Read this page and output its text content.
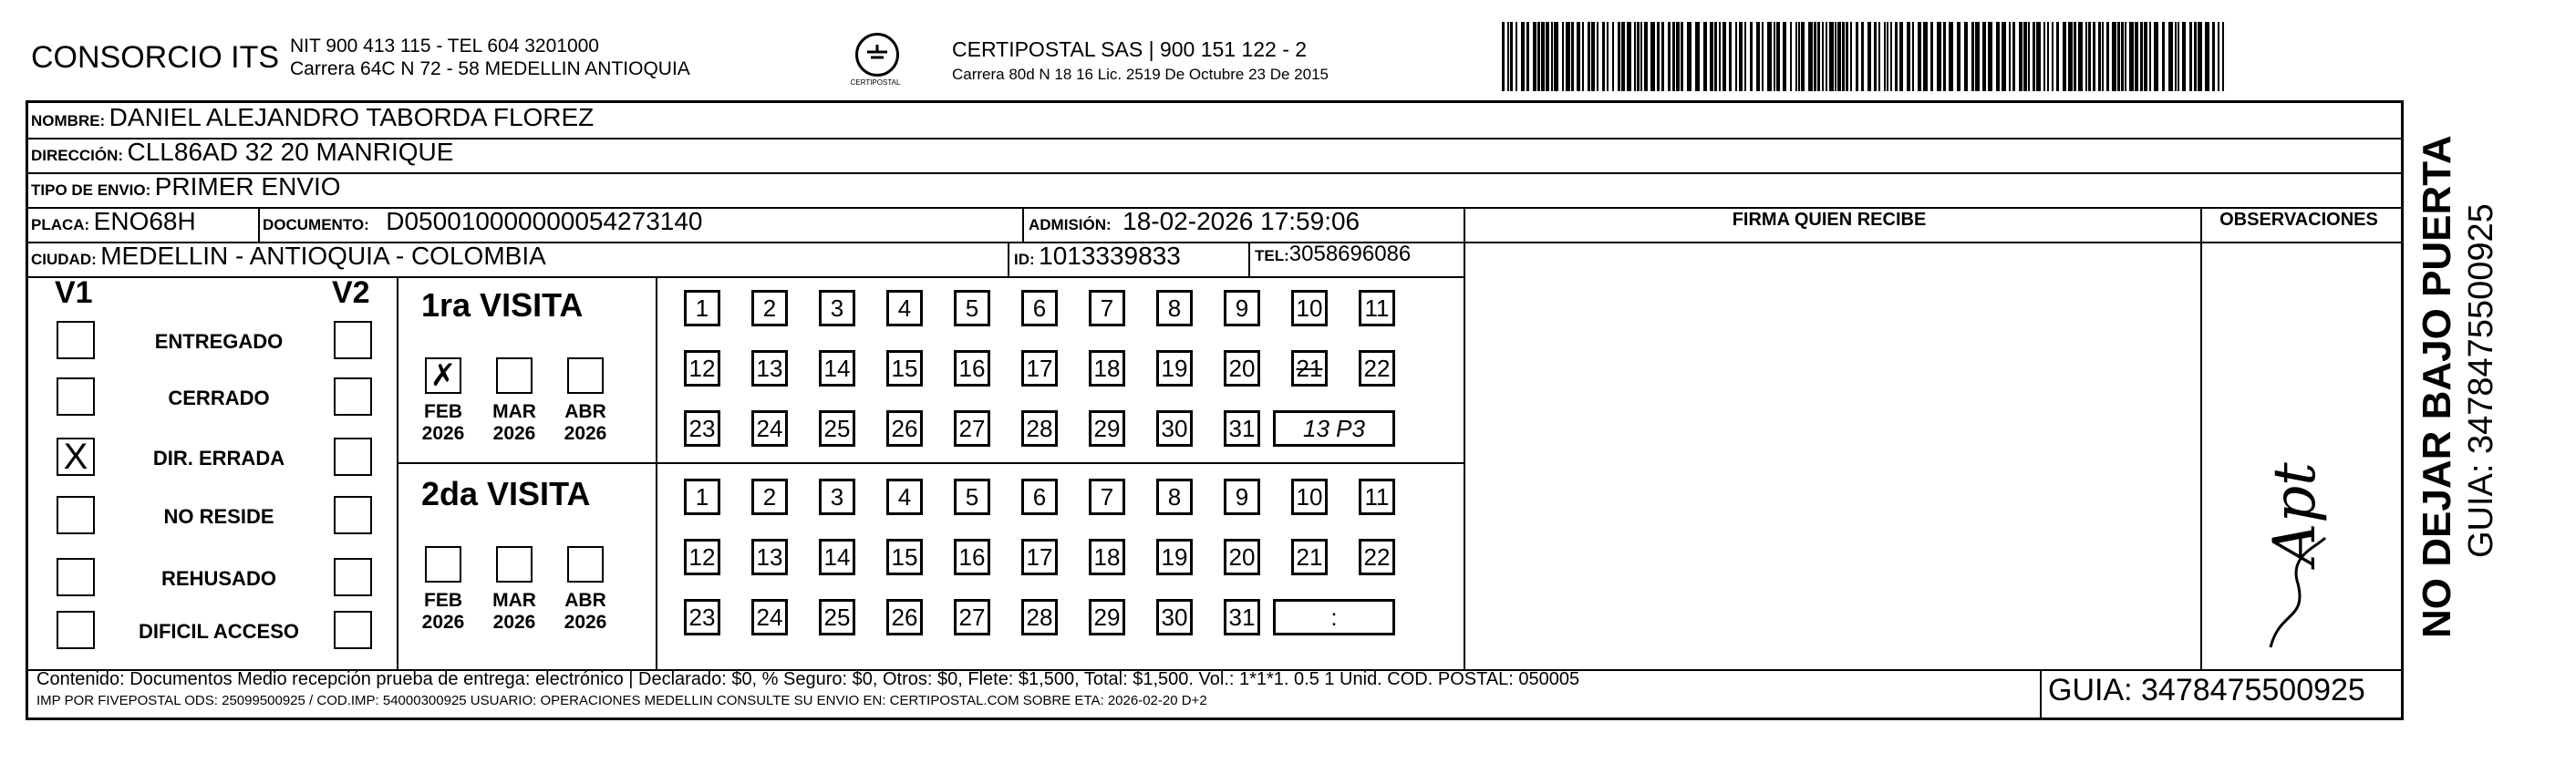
CONSORCIO ITS NIT 900 413 115 - TEL 604 3201000
Carrera 64C N 72 - 58 MEDELLIN ANTIOQUIA
CERTIPOSTAL
CERTIPOSTAL SAS | 900 151 122 - 2
Carrera 80d N 18 16 Lic. 2519 De Octubre 23 De 2015
NOMBRE: DANIEL ALEJANDRO TABORDA FLOREZ
DIRECCIÓN: CLL86AD 32 20 MANRIQUE
TIPO DE ENVIO: PRIMER ENVIO
PLACA: ENO68H	DOCUMENTO: D050010000000054273140	ADMISIÓN: 18-02-2026 17:59:06
CIUDAD: MEDELLIN - ANTIOQUIA - COLOMBIA	ID: 1013339833	TEL:3058696086
FIRMA QUIEN RECIBE	OBSERVACIONES
V1	V2
ENTREGADO
CERRADO
X	DIR. ERRADA
NO RESIDE
REHUSADO
DIFICIL ACCESO
1ra VISITA
2da VISITA
✗
FEB
2026
MAR
2026
ABR
2026
1	2	3	4	5	6	7	8	9	10 11
12 13 14 15 16 17 18 19 20 21 22
23 24 25 26 27 28 29 30 31	13 P3
FEB
2026
MAR
2026
ABR
2026
1	2	3	4	5	6	7	8	9	10 11
12 13 14 15 16 17 18 19 20 21 22
23 24 25 26 27 28 29 30 31	:
Apt
Contenido: Documentos Medio recepción prueba de entrega: electrónico | Declarado: $0, % Seguro: $0, Otros: $0, Flete: $1,500, Total: $1,500. Vol.: 1*1*1. 0.5 1 Unid. COD. POSTAL: 050005
IMP POR FIVEPOSTAL ODS: 25099500925 / COD.IMP: 54000300925 USUARIO: OPERACIONES MEDELLIN CONSULTE SU ENVIO EN: CERTIPOSTAL.COM SOBRE ETA: 2026-02-20 D+2	GUIA: 3478475500925
NO DEJAR BAJO PUERTA GUIA: 3478475500925
